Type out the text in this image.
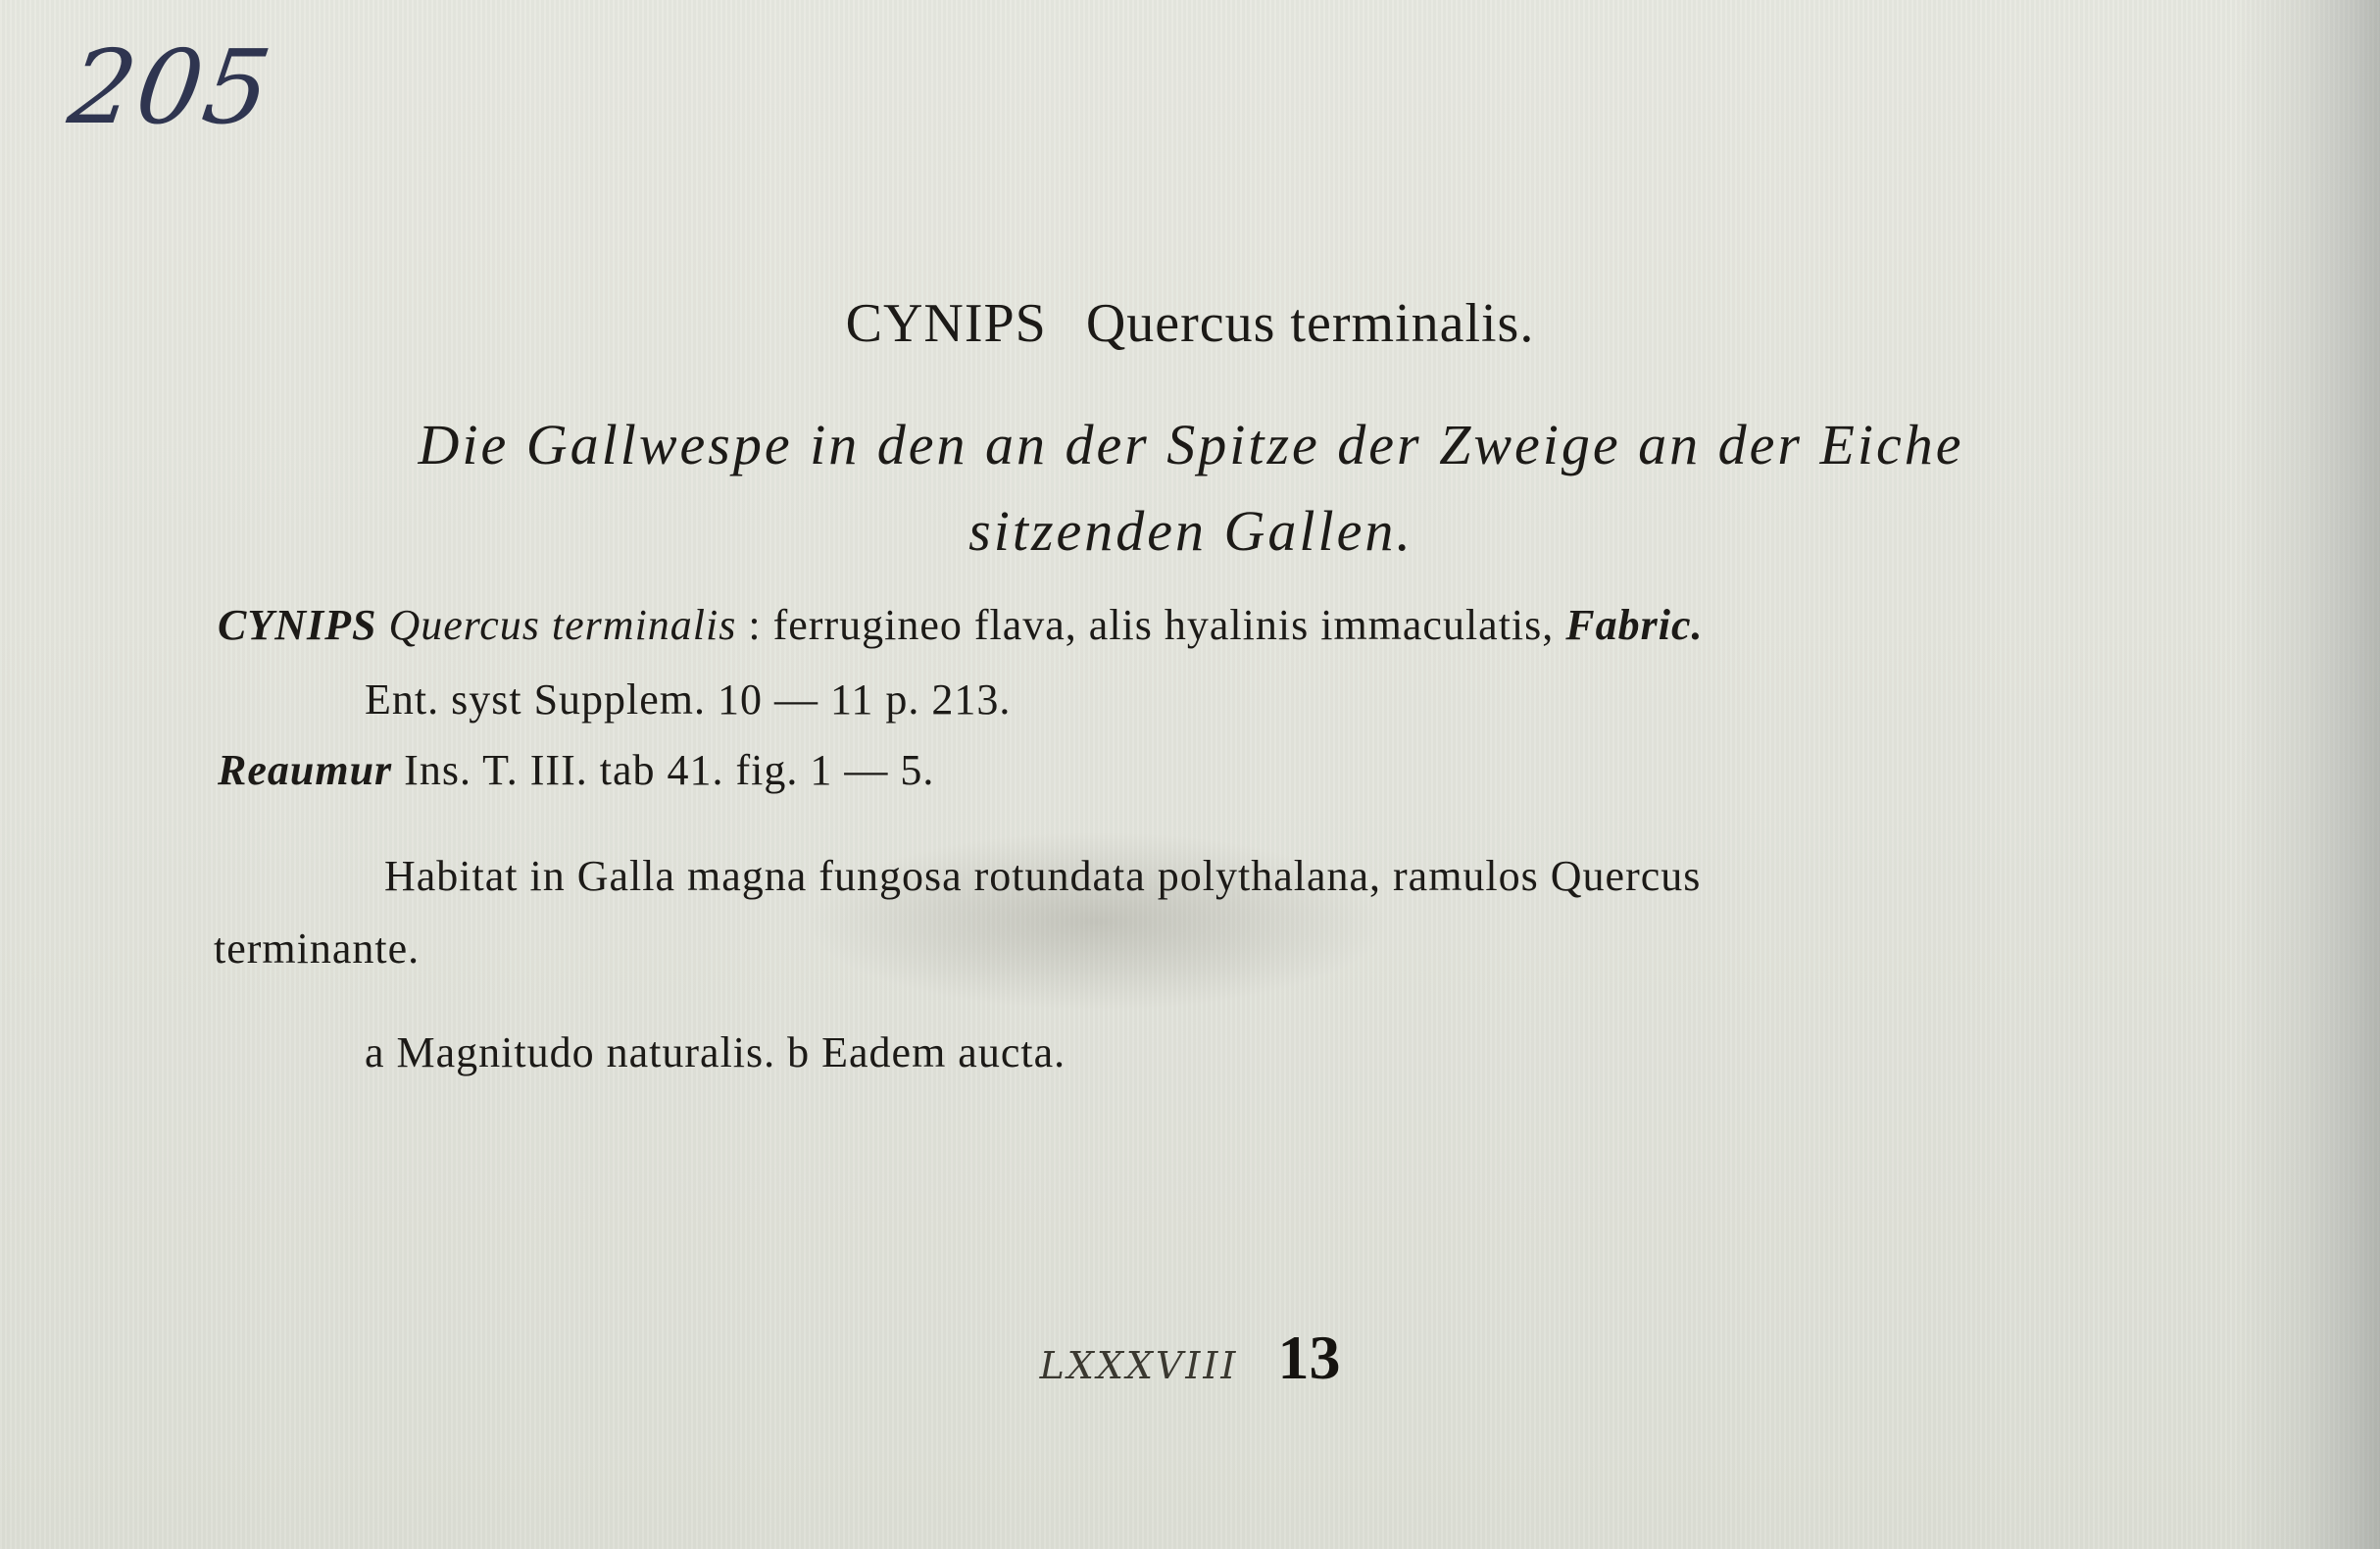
205
CYNIPS Quercus terminalis.
Die Gallwespe in den an der Spitze der Zweige an der Eiche
sitzenden Gallen.
CYNIPS Quercus terminalis : ferrugineo flava, alis hyalinis immaculatis, Fabric.
Ent. syst Supplem. 10 — 11 p. 213.
Reaumur Ins. T. III. tab 41. fig. 1 — 5.
Habitat in Galla magna fungosa rotundata polythalana, ramulos Quercus
terminante.
a Magnitudo naturalis. b Eadem aucta.
LXXXVIII 13
